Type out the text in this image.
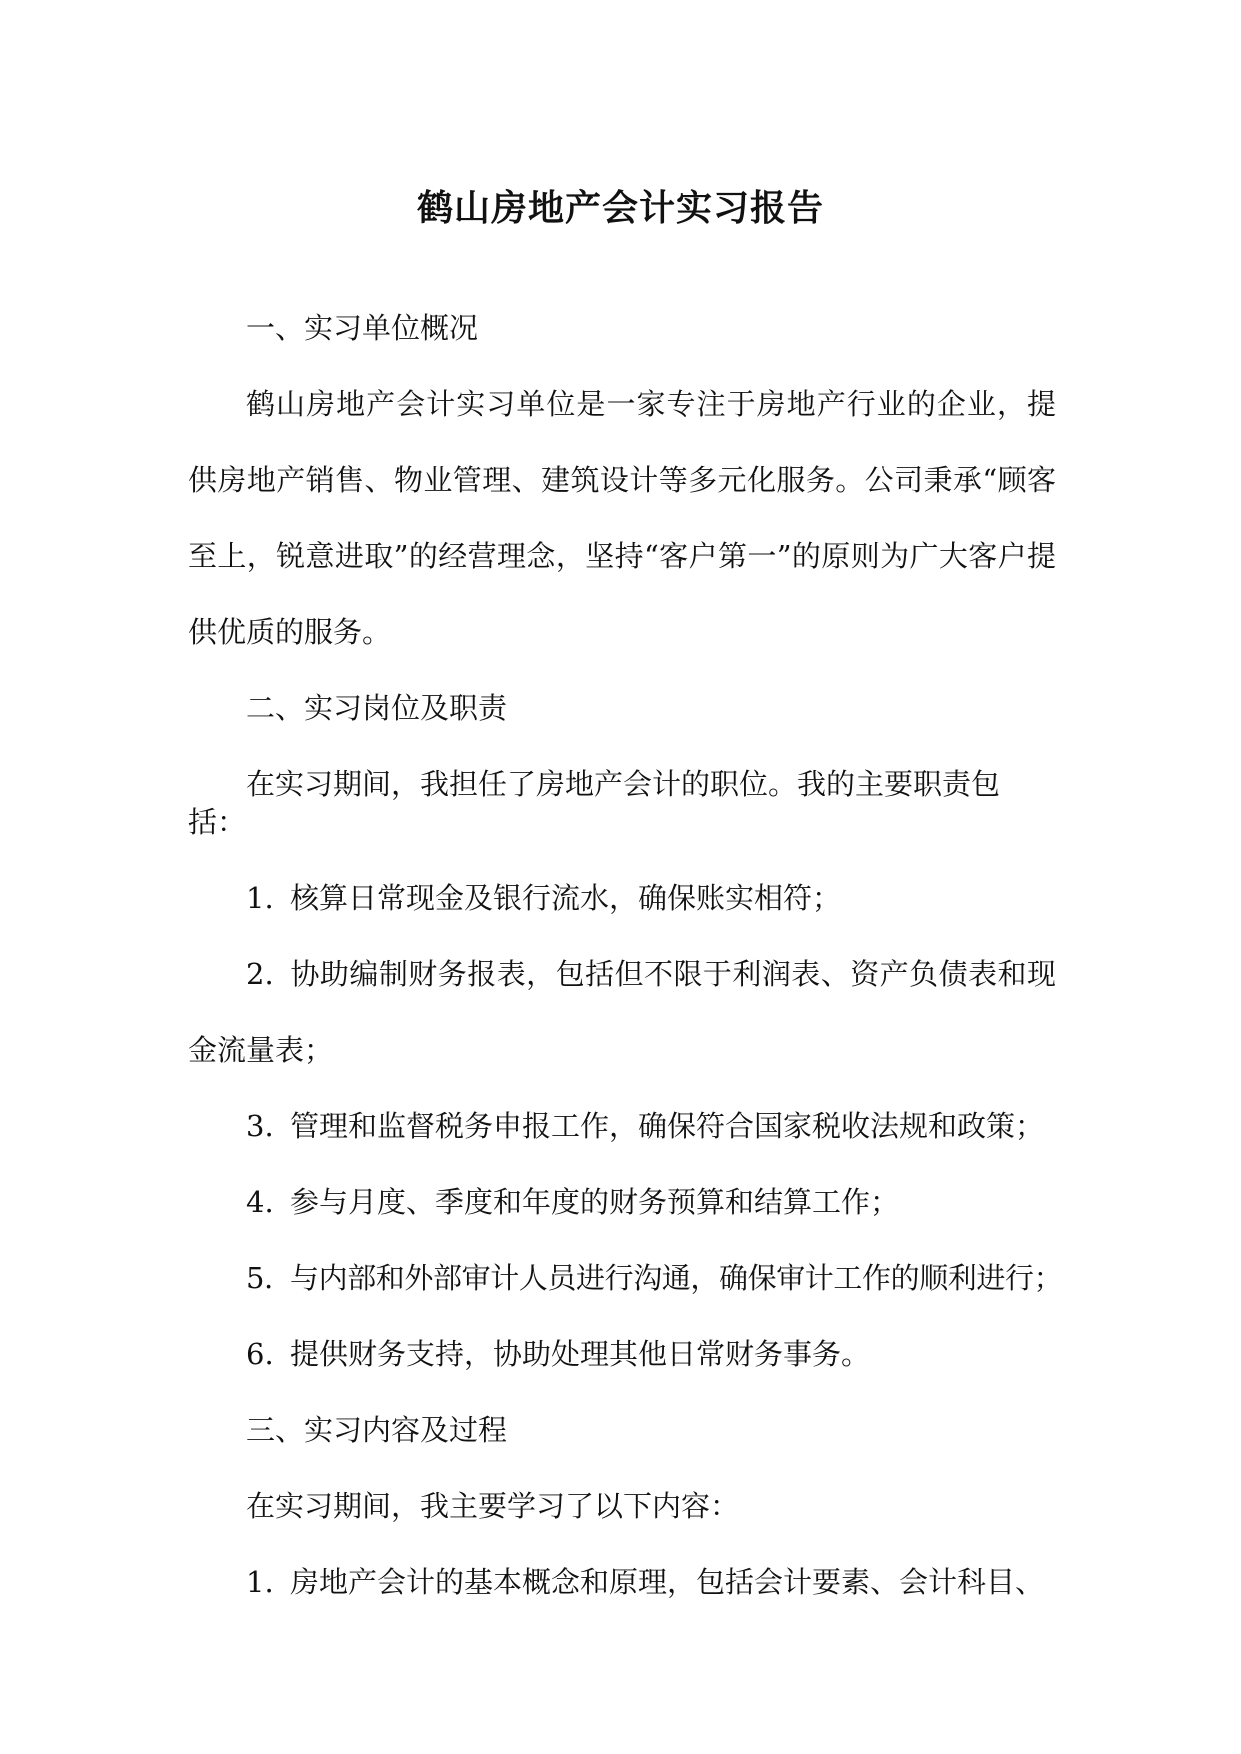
鹤山房地产会计实习报告

一、实习单位概况

鹤山房地产会计实习单位是一家专注于房地产行业的企业，提供房地产销售、物业管理、建筑设计等多元化服务。公司秉承“顾客至上，锐意进取”的经营理念，坚持“客户第一”的原则为广大客户提供优质的服务。

二、实习岗位及职责

在实习期间，我担任了房地产会计的职位。我的主要职责包括：

1. 核算日常现金及银行流水，确保账实相符；

2. 协助编制财务报表，包括但不限于利润表、资产负债表和现金流量表；

3. 管理和监督税务申报工作，确保符合国家税收法规和政策；

4. 参与月度、季度和年度的财务预算和结算工作；

5. 与内部和外部审计人员进行沟通，确保审计工作的顺利进行；

6. 提供财务支持，协助处理其他日常财务事务。

三、实习内容及过程

在实习期间，我主要学习了以下内容：

1. 房地产会计的基本概念和原理，包括会计要素、会计科目、
